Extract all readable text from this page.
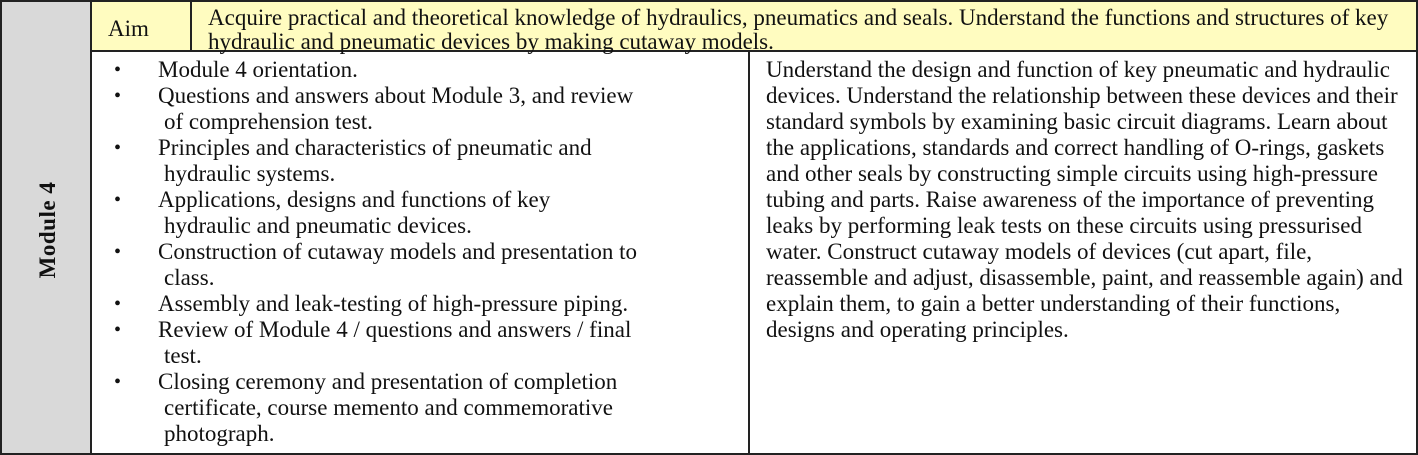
Module 4
Aim	Acquire practical and theoretical knowledge of hydraulics, pneumatics and seals. Understand the functions and structures of key hydraulic and pneumatic devices by making cutaway models.
• Module 4 orientation.
• Questions and answers about Module 3, and review
of comprehension test.
• Principles and characteristics of pneumatic and
hydraulic systems.
• Applications, designs and functions of key
hydraulic and pneumatic devices.
• Construction of cutaway models and presentation to
class.
• Assembly and leak-testing of high-pressure piping.
• Review of Module 4 / questions and answers / final
test.
• Closing ceremony and presentation of completion
certificate, course memento and commemorative
photograph.
Understand the design and function of key pneumatic and hydraulic devices. Understand the relationship between these devices and their standard symbols by examining basic circuit diagrams. Learn about the applications, standards and correct handling of O-rings, gaskets and other seals by constructing simple circuits using high-pressure tubing and parts. Raise awareness of the importance of preventing leaks by performing leak tests on these circuits using pressurised water. Construct cutaway models of devices (cut apart, file, reassemble and adjust, disassemble, paint, and reassemble again) and explain them, to gain a better understanding of their functions, designs and operating principles.
